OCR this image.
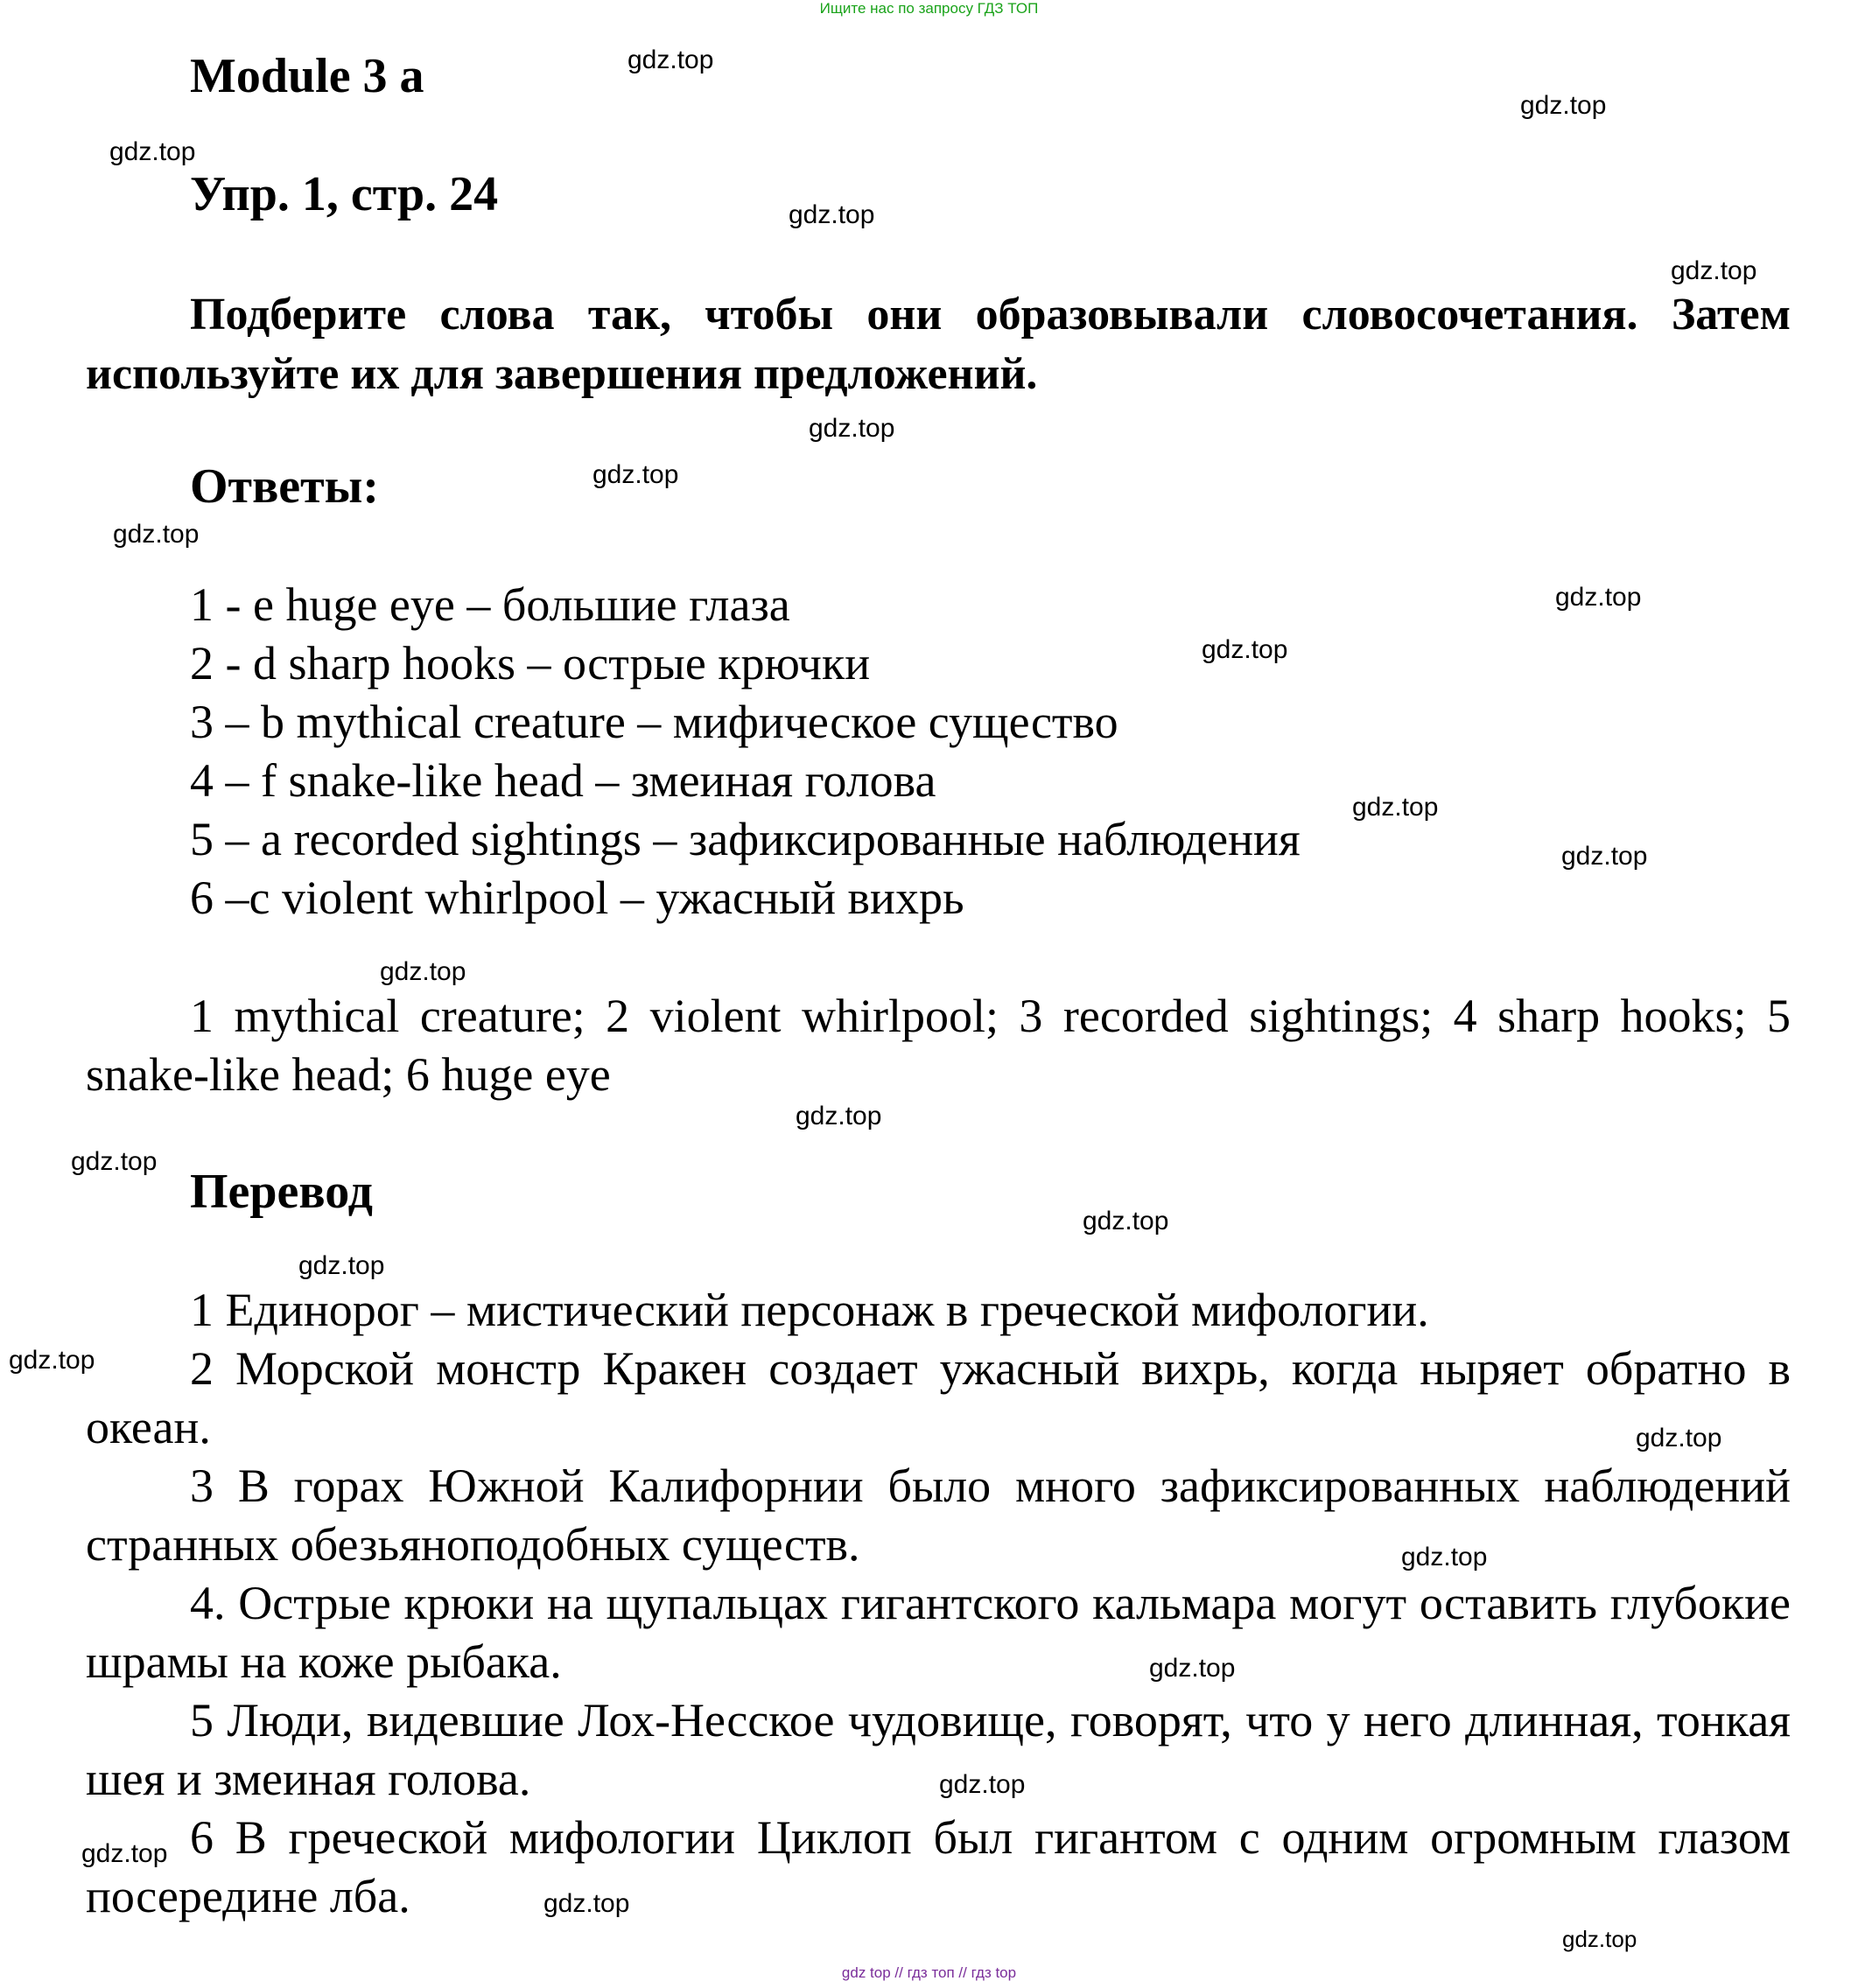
Ищите нас по запросу ГДЗ ТОП
Module 3 a
Упр. 1, стр. 24
Подберите слова так, чтобы они образовывали словосочетания. Затем используйте их для завершения предложений.
Ответы:
1 - e huge eye – большие глаза
2 - d sharp hooks – острые крючки
3 – b mythical creature – мифическое существо
4 – f snake-like head – змеиная голова
5 – a recorded sightings – зафиксированные наблюдения
6 –c violent whirlpool – ужасный вихрь
1 mythical creature; 2 violent whirlpool; 3 recorded sightings; 4 sharp hooks; 5 snake-like head; 6 huge eye
Перевод
1 Единорог – мистический персонаж в греческой мифологии.
2 Морской монстр Кракен создает ужасный вихрь, когда ныряет обратно в океан.
3 В горах Южной Калифорнии было много зафиксированных наблюдений странных обезьяноподобных существ.
4. Острые крюки на щупальцах гигантского кальмара могут оставить глубокие шрамы на коже рыбака.
5 Люди, видевшие Лох-Несское чудовище, говорят, что у него длинная, тонкая шея и змеиная голова.
6 В греческой мифологии Циклоп был гигантом с одним огромным глазом посередине лба.
gdz.top
gdz.top
gdz.top
gdz.top
gdz.top
gdz.top
gdz.top
gdz.top
gdz.top
gdz.top
gdz.top
gdz.top
gdz.top
gdz.top
gdz.top
gdz.top
gdz.top
gdz.top
gdz.top
gdz.top
gdz.top
gdz.top
gdz.top
gdz.top
gdz.top
gdz top // гдз топ // гдз top
